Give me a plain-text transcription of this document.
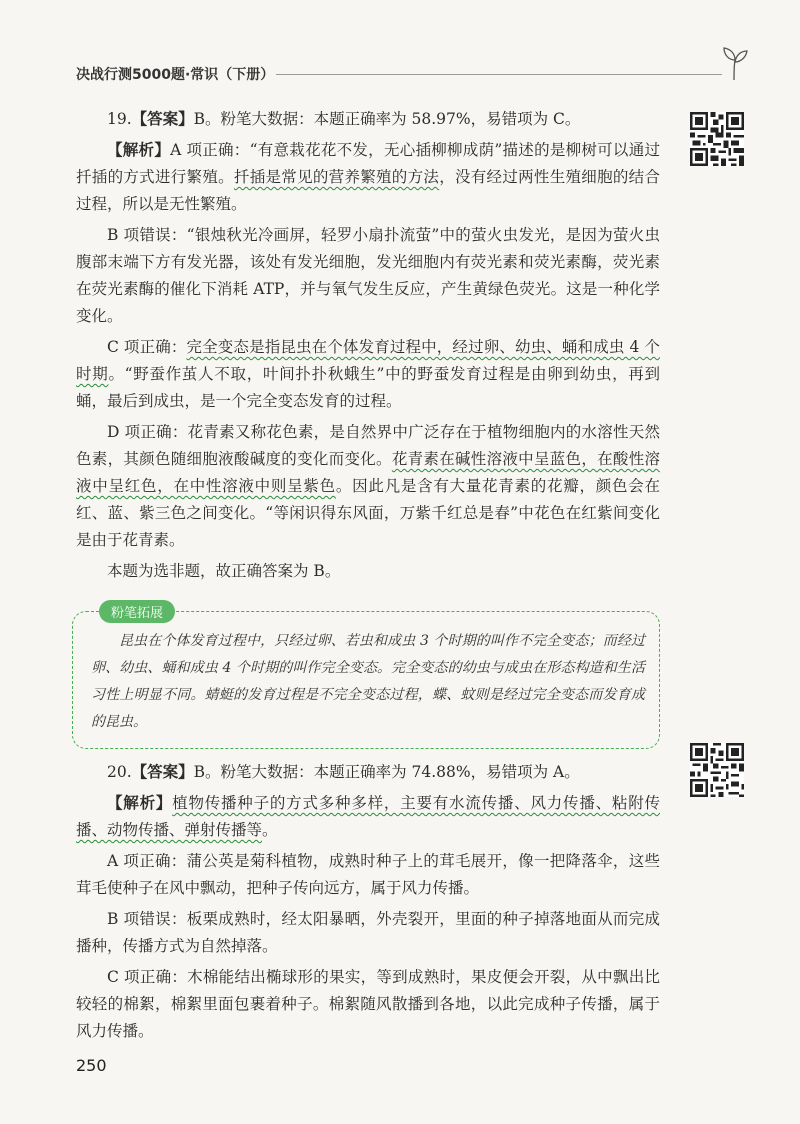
决战行测5000题·常识（下册）

19.【答案】B。粉笔大数据：本题正确率为 58.97%，易错项为 C。

【解析】A 项正确：“有意栽花花不发，无心插柳柳成荫”描述的是柳树可以通过扦插的方式进行繁殖。扦插是常见的营养繁殖的方法，没有经过两性生殖细胞的结合过程，所以是无性繁殖。

B 项错误：“银烛秋光冷画屏，轻罗小扇扑流萤”中的萤火虫发光，是因为萤火虫腹部末端下方有发光器，该处有发光细胞，发光细胞内有荧光素和荧光素酶，荧光素在荧光素酶的催化下消耗 ATP，并与氧气发生反应，产生黄绿色荧光。这是一种化学变化。

C 项正确：完全变态是指昆虫在个体发育过程中，经过卵、幼虫、蛹和成虫 4 个时期。“野蚕作茧人不取，叶间扑扑秋蛾生”中的野蚕发育过程是由卵到幼虫，再到蛹，最后到成虫，是一个完全变态发育的过程。

D 项正确：花青素又称花色素，是自然界中广泛存在于植物细胞内的水溶性天然色素，其颜色随细胞液酸碱度的变化而变化。花青素在碱性溶液中呈蓝色，在酸性溶液中呈红色，在中性溶液中则呈紫色。因此凡是含有大量花青素的花瓣，颜色会在红、蓝、紫三色之间变化。“等闲识得东风面，万紫千红总是春”中花色在红紫间变化是由于花青素。

本题为选非题，故正确答案为 B。

粉笔拓展

昆虫在个体发育过程中，只经过卵、若虫和成虫 3 个时期的叫作不完全变态；而经过卵、幼虫、蛹和成虫 4 个时期的叫作完全变态。完全变态的幼虫与成虫在形态构造和生活习性上明显不同。蜻蜓的发育过程是不完全变态过程，蝶、蚊则是经过完全变态而发育成的昆虫。

20.【答案】B。粉笔大数据：本题正确率为 74.88%，易错项为 A。

【解析】植物传播种子的方式多种多样，主要有水流传播、风力传播、粘附传播、动物传播、弹射传播等。

A 项正确：蒲公英是菊科植物，成熟时种子上的茸毛展开，像一把降落伞，这些茸毛使种子在风中飘动，把种子传向远方，属于风力传播。

B 项错误：板栗成熟时，经太阳暴晒，外壳裂开，里面的种子掉落地面从而完成播种，传播方式为自然掉落。

C 项正确：木棉能结出椭球形的果实，等到成熟时，果皮便会开裂，从中飘出比较轻的棉絮，棉絮里面包裹着种子。棉絮随风散播到各地，以此完成种子传播，属于风力传播。

250
